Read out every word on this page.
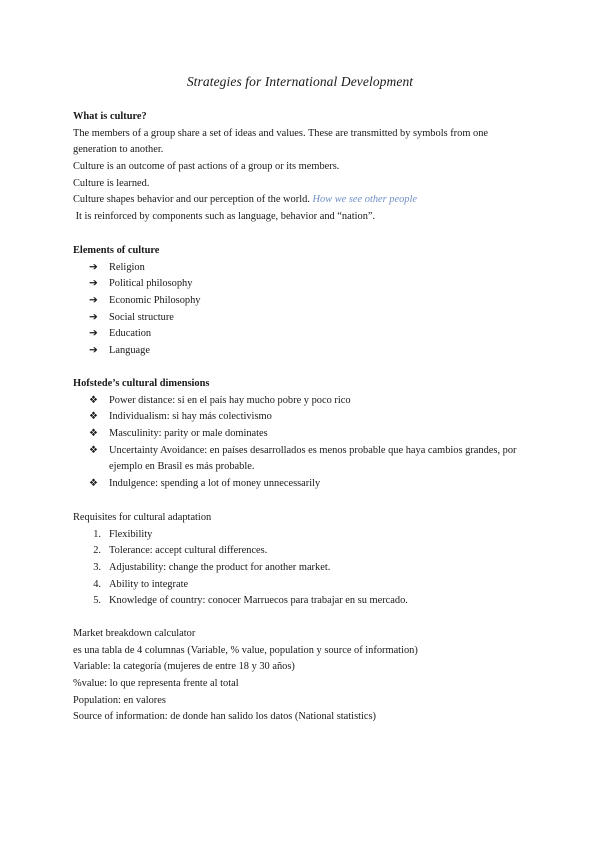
Strategies for International Development
What is culture?
The members of a group share a set of ideas and values. These are transmitted by symbols from one
generation to another.
Culture is an outcome of past actions of a group or its members.
Culture is learned.
Culture shapes behavior and our perception of the world. How we see other people
It is reinforced by components such as language, behavior and “nation”.
Elements of culture
➔ Religion
➔ Political philosophy
➔ Economic Philosophy
➔ Social structure
➔ Education
➔ Language
Hofstede’s cultural dimensions
❖ Power distance: si en el país hay mucho pobre y poco rico
❖ Individualism: si hay más colectivismo
❖ Masculinity: parity or male dominates
❖ Uncertainty Avoidance: en países desarrollados es menos probable que haya cambios grandes, por ejemplo en Brasil es más probable.
❖ Indulgence: spending a lot of money unnecessarily
Requisites for cultural adaptation
1. Flexibility
2. Tolerance: accept cultural differences.
3. Adjustability: change the product for another market.
4. Ability to integrate
5. Knowledge of country: conocer Marruecos para trabajar en su mercado.
Market breakdown calculator
es una tabla de 4 columnas (Variable, % value, population y source of information)
Variable: la categoría (mujeres de entre 18 y 30 años)
%value: lo que representa frente al total
Population: en valores
Source of information: de donde han salido los datos (National statistics)
